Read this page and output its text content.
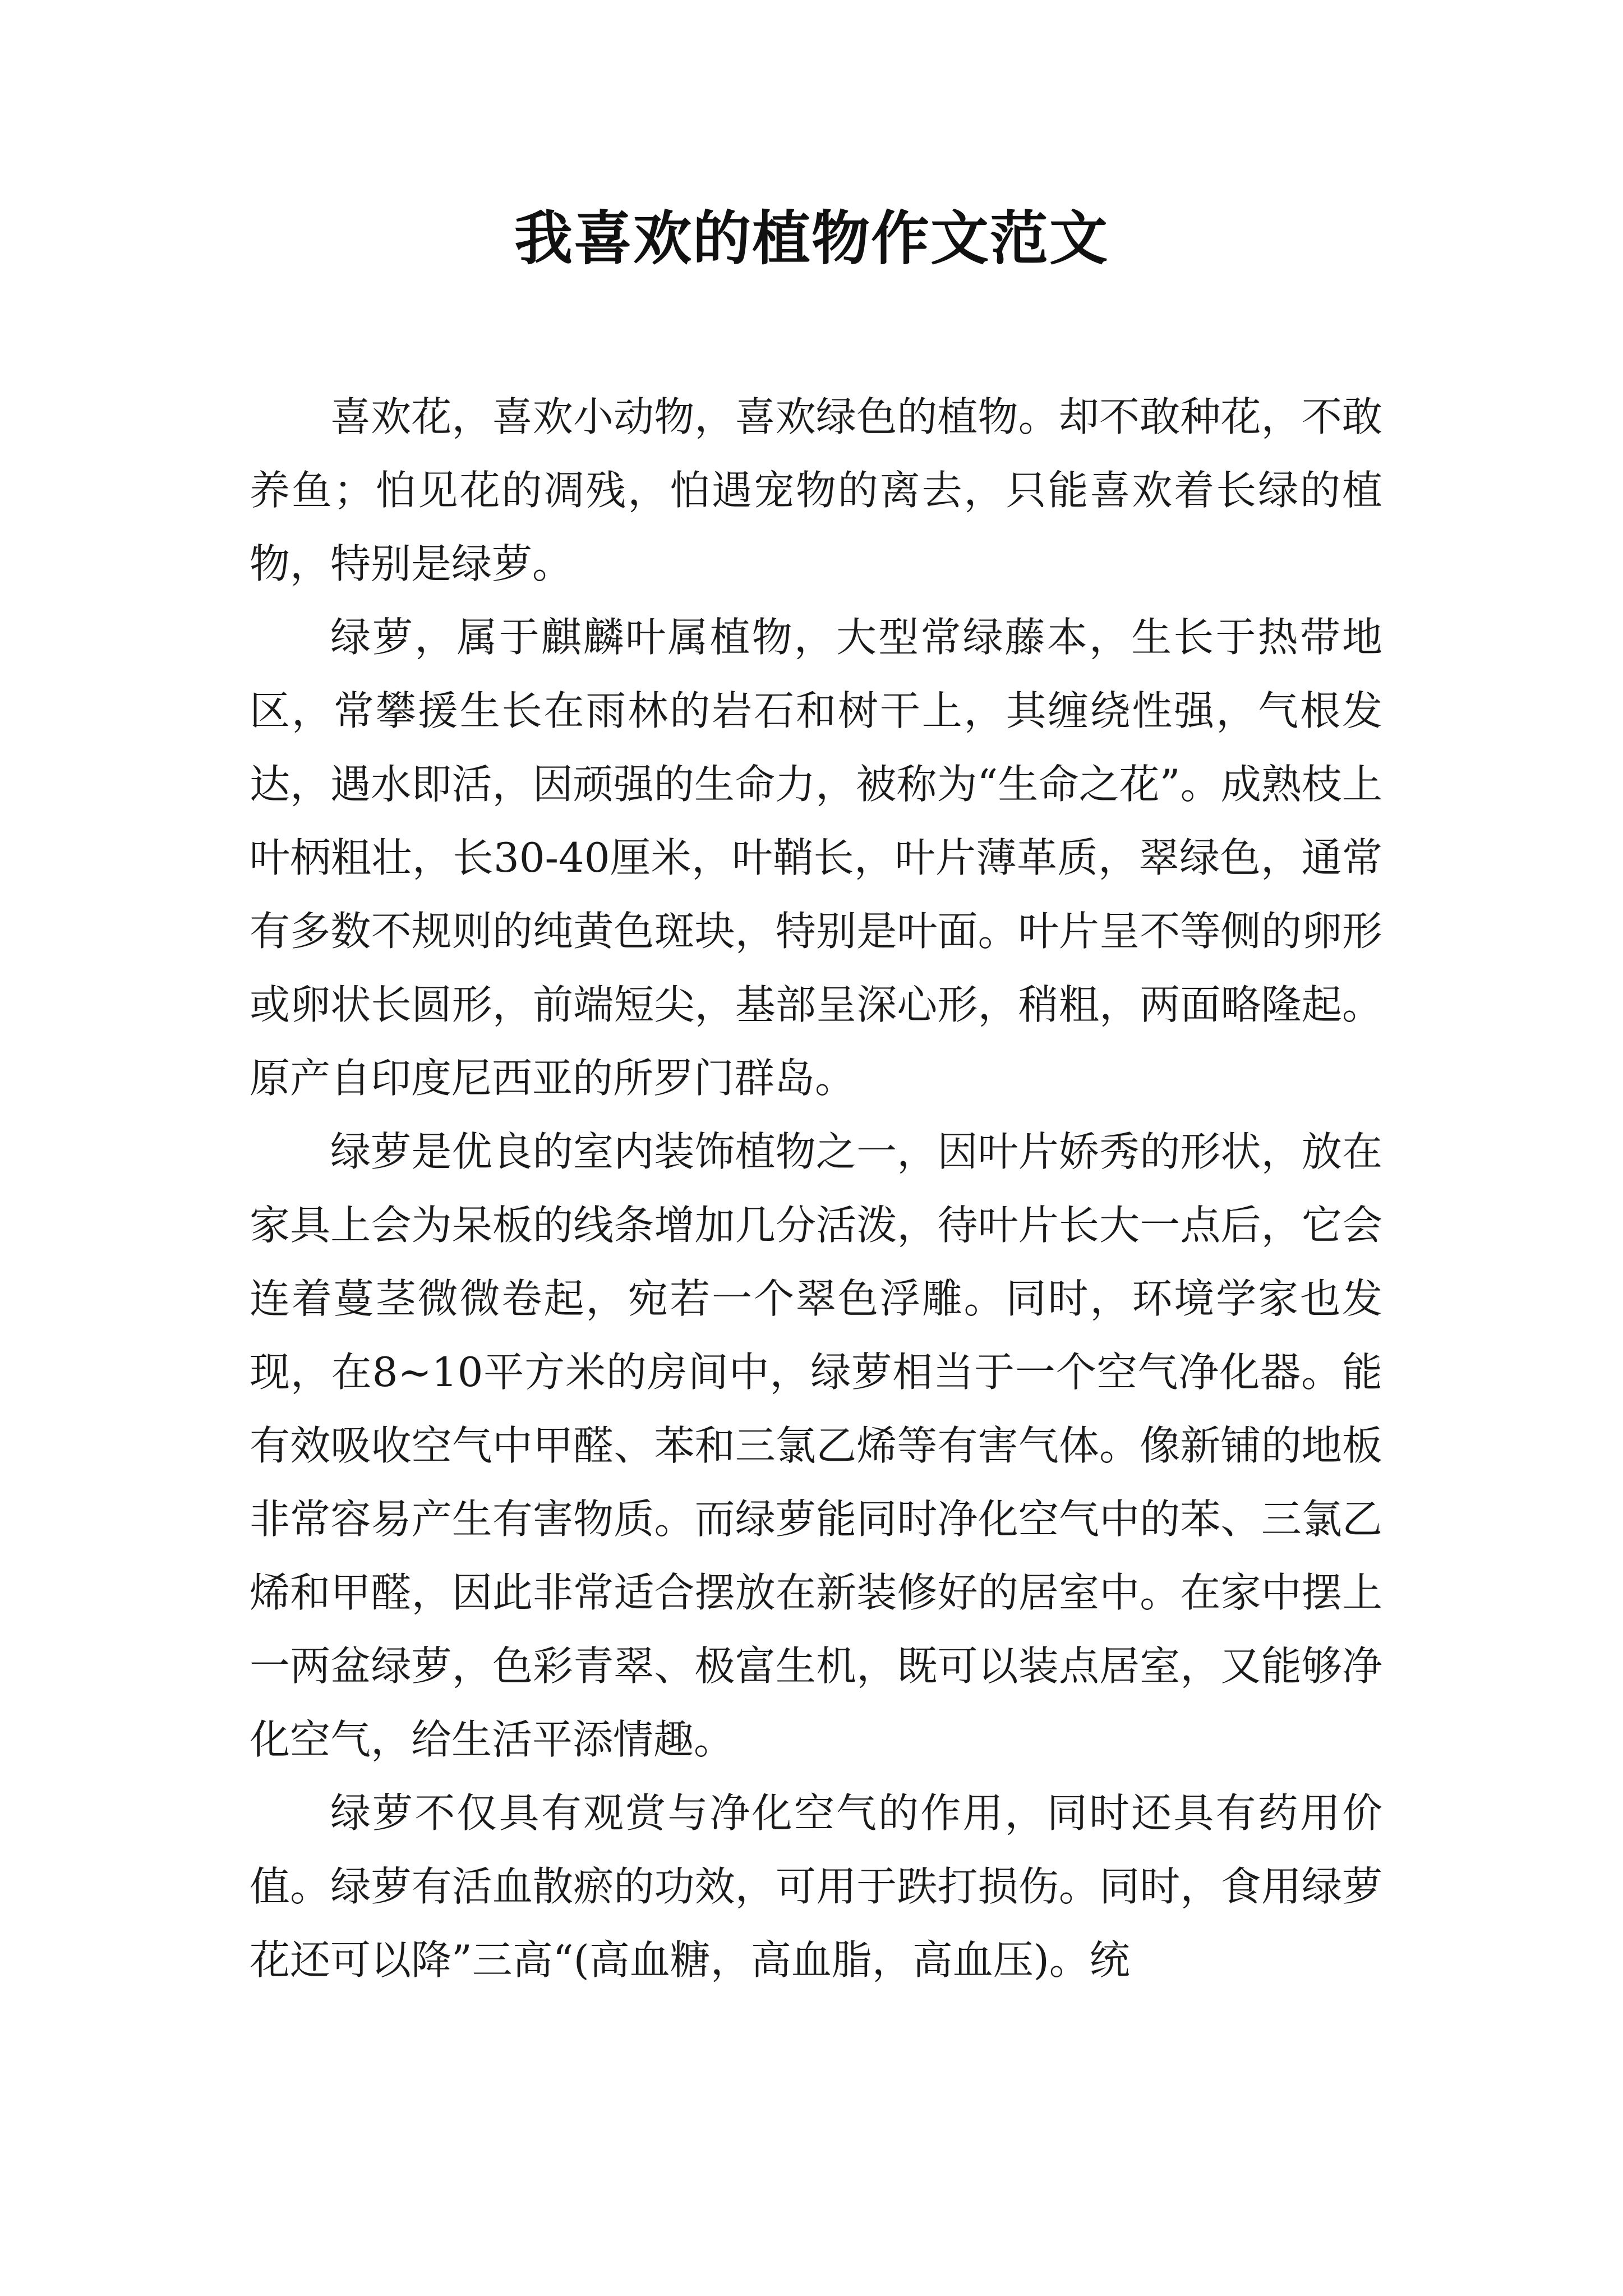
我喜欢的植物作文范文

喜欢花，喜欢小动物，喜欢绿色的植物。却不敢种花，不敢养鱼；怕见花的凋残，怕遇宠物的离去，只能喜欢着长绿的植物，特别是绿萝。

绿萝，属于麒麟叶属植物，大型常绿藤本，生长于热带地区，常攀援生长在雨林的岩石和树干上，其缠绕性强，气根发达，遇水即活，因顽强的生命力，被称为“生命之花”。成熟枝上叶柄粗壮，长30-40厘米，叶鞘长，叶片薄革质，翠绿色，通常有多数不规则的纯黄色斑块，特别是叶面。叶片呈不等侧的卵形或卵状长圆形，前端短尖，基部呈深心形，稍粗，两面略隆起。原产自印度尼西亚的所罗门群岛。

绿萝是优良的室内装饰植物之一，因叶片娇秀的形状，放在家具上会为呆板的线条增加几分活泼，待叶片长大一点后，它会连着蔓茎微微卷起，宛若一个翠色浮雕。同时，环境学家也发现，在8~10平方米的房间中，绿萝相当于一个空气净化器。能有效吸收空气中甲醛、苯和三氯乙烯等有害气体。像新铺的地板非常容易产生有害物质。而绿萝能同时净化空气中的苯、三氯乙烯和甲醛，因此非常适合摆放在新装修好的居室中。在家中摆上一两盆绿萝，色彩青翠、极富生机，既可以装点居室，又能够净化空气，给生活平添情趣。

绿萝不仅具有观赏与净化空气的作用，同时还具有药用价值。绿萝有活血散瘀的功效，可用于跌打损伤。同时，食用绿萝花还可以降”三高“(高血糖，高血脂，高血压)。统
